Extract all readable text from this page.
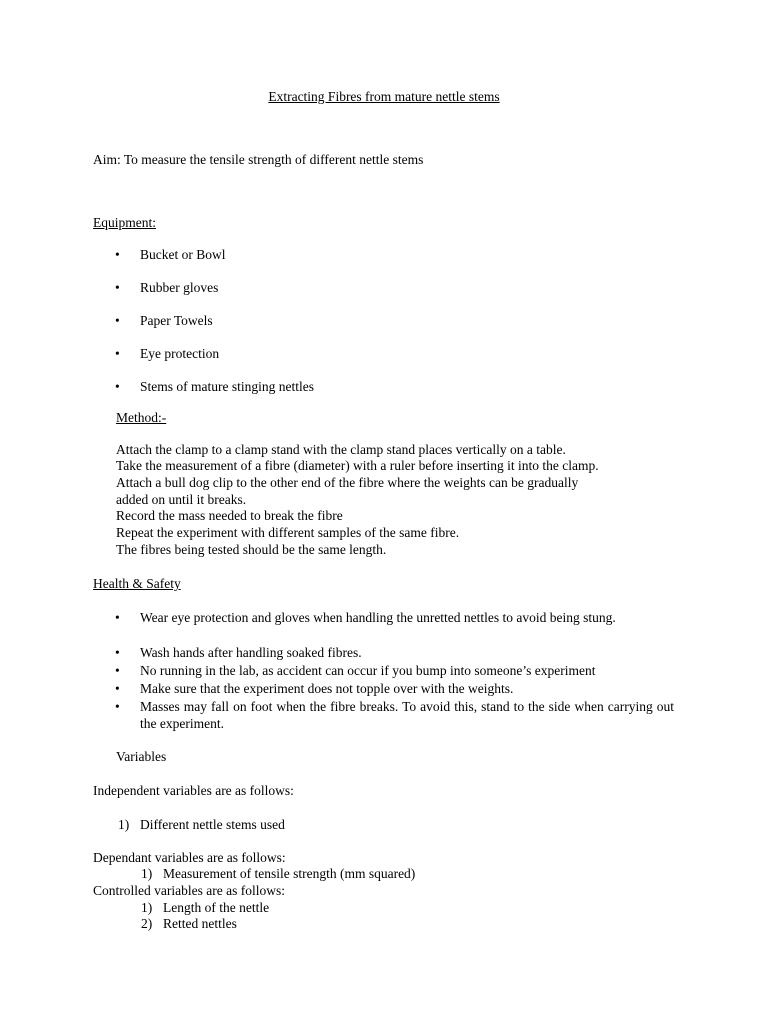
Extracting Fibres from mature nettle stems
Aim: To measure the tensile strength of different nettle stems
Equipment:
• Bucket or Bowl
• Rubber gloves
• Paper Towels
• Eye protection
• Stems of mature stinging nettles
Method:-
Attach the clamp to a clamp stand with the clamp stand places vertically on a table.
Take the measurement of a fibre (diameter) with a ruler before inserting it into the clamp.
Attach a bull dog clip to the other end of the fibre where the weights can be gradually
added on until it breaks.
Record the mass needed to break the fibre
Repeat the experiment with different samples of the same fibre.
The fibres being tested should be the same length.
Health & Safety
• Wear eye protection and gloves when handling the unretted nettles to avoid being stung.
• Wash hands after handling soaked fibres.
• No running in the lab, as accident can occur if you bump into someone’s experiment
• Make sure that the experiment does not topple over with the weights.
• Masses may fall on foot when the fibre breaks. To avoid this, stand to the side when carrying out the experiment.
Variables
Independent variables are as follows:
1) Different nettle stems used
Dependant variables are as follows:
1) Measurement of tensile strength (mm squared)
Controlled variables are as follows:
1) Length of the nettle
2) Retted nettles
